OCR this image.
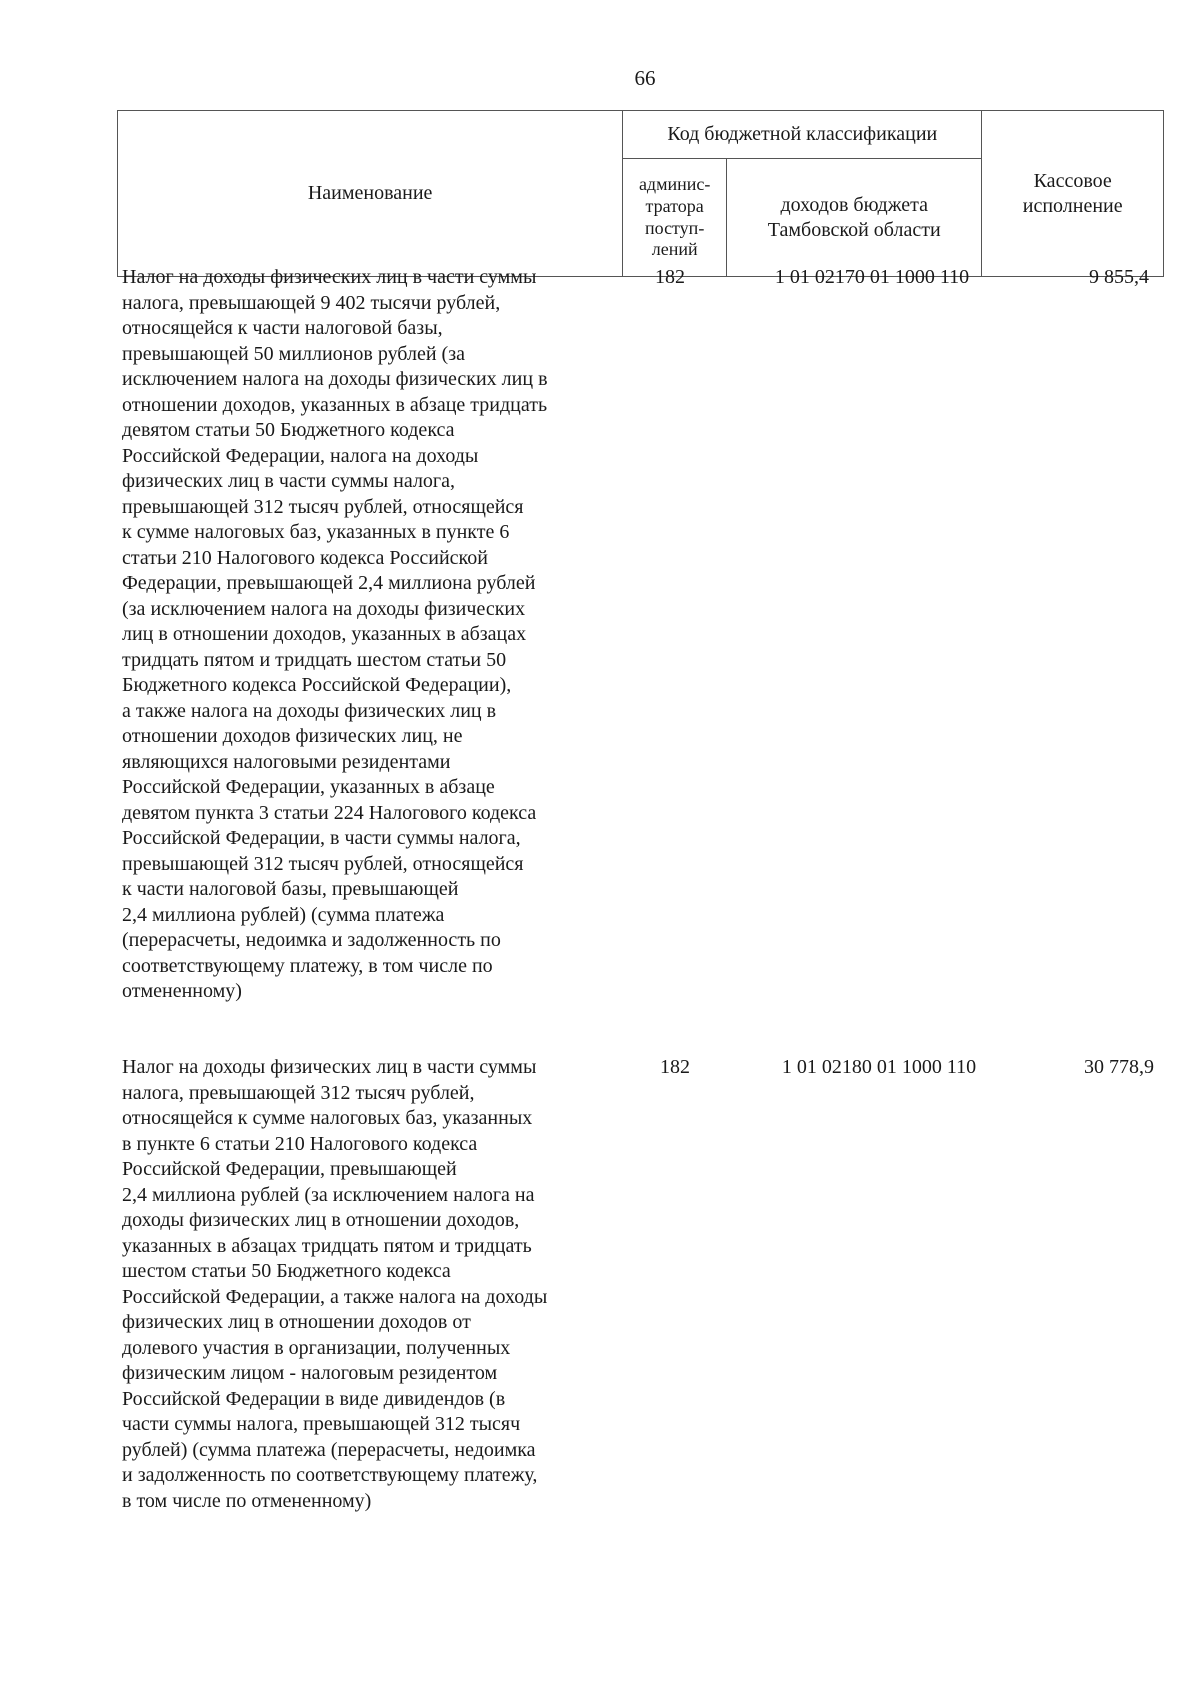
66
Наименование	Код бюджетной классификации		Кассовое
исполнение
	админис-
тратора
поступ-
лений	доходов бюджета
Тамбовской области	
Налог на доходы физических лиц в части суммы
налога, превышающей 9 402 тысячи рублей,
относящейся к части налоговой базы,
превышающей 50 миллионов рублей (за
исключением налога на доходы физических лиц в
отношении доходов, указанных в абзаце тридцать
девятом статьи 50 Бюджетного кодекса
Российской Федерации, налога на доходы
физических лиц в части суммы налога,
превышающей 312 тысяч рублей, относящейся
к сумме налоговых баз, указанных в пункте 6
статьи 210 Налогового кодекса Российской
Федерации, превышающей 2,4 миллиона рублей
(за исключением налога на доходы физических
лиц в отношении доходов, указанных в абзацах
тридцать пятом и тридцать шестом статьи 50
Бюджетного кодекса Российской Федерации),
а также налога на доходы физических лиц в
отношении доходов физических лиц, не
являющихся налоговыми резидентами
Российской Федерации, указанных в абзаце
девятом пункта 3 статьи 224 Налогового кодекса
Российской Федерации, в части суммы налога,
превышающей 312 тысяч рублей, относящейся
к части налоговой базы, превышающей
2,4 миллиона рублей) (сумма платежа
(перерасчеты, недоимка и задолженность по
соответствующему платежу, в том числе по
отмененному)
182	1 01 02170 01 1000 110	9 855,4
Налог на доходы физических лиц в части суммы
налога, превышающей 312 тысяч рублей,
относящейся к сумме налоговых баз, указанных
в пункте 6 статьи 210 Налогового кодекса
Российской Федерации, превышающей
2,4 миллиона рублей (за исключением налога на
доходы физических лиц в отношении доходов,
указанных в абзацах тридцать пятом и тридцать
шестом статьи 50 Бюджетного кодекса
Российской Федерации, а также налога на доходы
физических лиц в отношении доходов от
долевого участия в организации, полученных
физическим лицом - налоговым резидентом
Российской Федерации в виде дивидендов (в
части суммы налога, превышающей 312 тысяч
рублей) (сумма платежа (перерасчеты, недоимка
и задолженность по соответствующему платежу,
в том числе по отмененному)
182	1 01 02180 01 1000 110	30 778,9
